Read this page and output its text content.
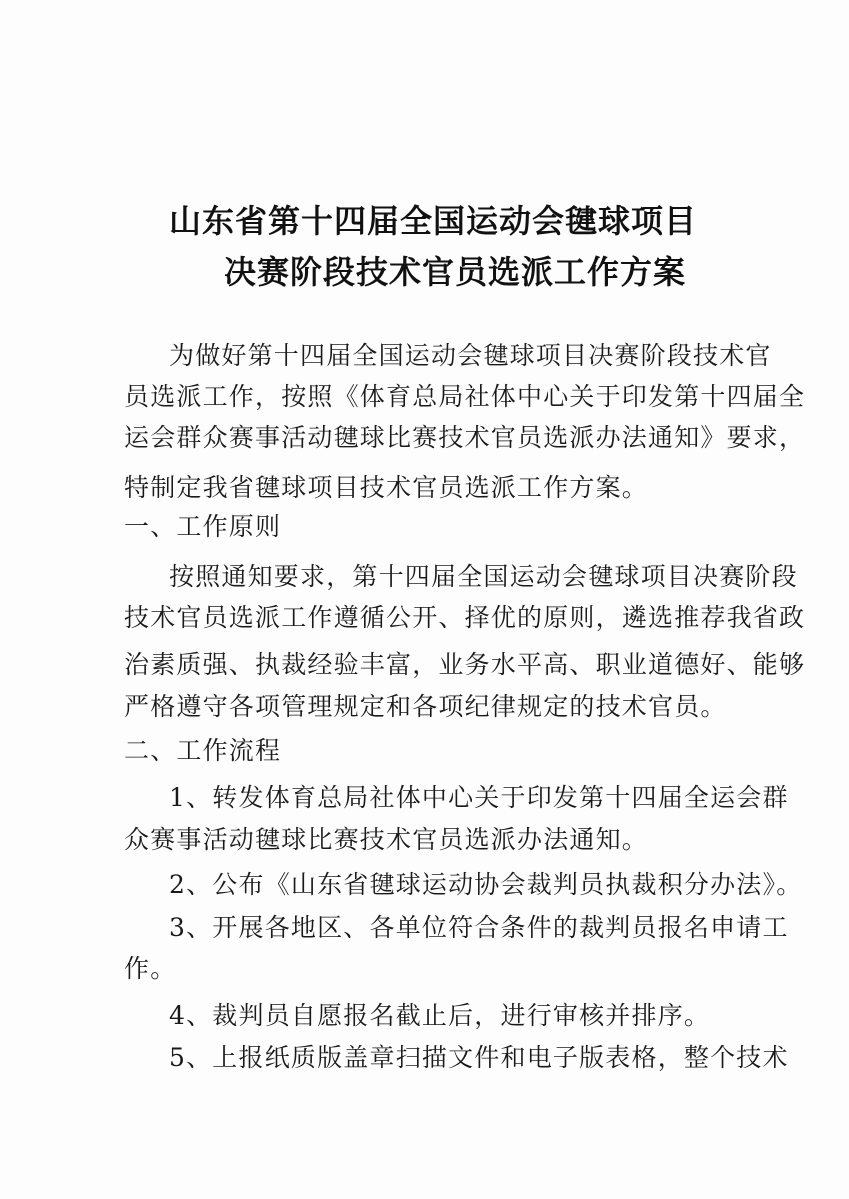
山东省第十四届全国运动会毽球项目
决赛阶段技术官员选派工作方案
为做好第十四届全国运动会毽球项目决赛阶段技术官
员选派工作，按照《体育总局社体中心关于印发第十四届全
运会群众赛事活动毽球比赛技术官员选派办法通知》要求，
特制定我省毽球项目技术官员选派工作方案。
一、工作原则
按照通知要求，第十四届全国运动会毽球项目决赛阶段
技术官员选派工作遵循公开、择优的原则，遴选推荐我省政
治素质强、执裁经验丰富，业务水平高、职业道德好、能够
严格遵守各项管理规定和各项纪律规定的技术官员。
二、工作流程
1、转发体育总局社体中心关于印发第十四届全运会群
众赛事活动毽球比赛技术官员选派办法通知。
2、公布《山东省毽球运动协会裁判员执裁积分办法》。
3、开展各地区、各单位符合条件的裁判员报名申请工
作。
4、裁判员自愿报名截止后，进行审核并排序。
5、上报纸质版盖章扫描文件和电子版表格，整个技术
